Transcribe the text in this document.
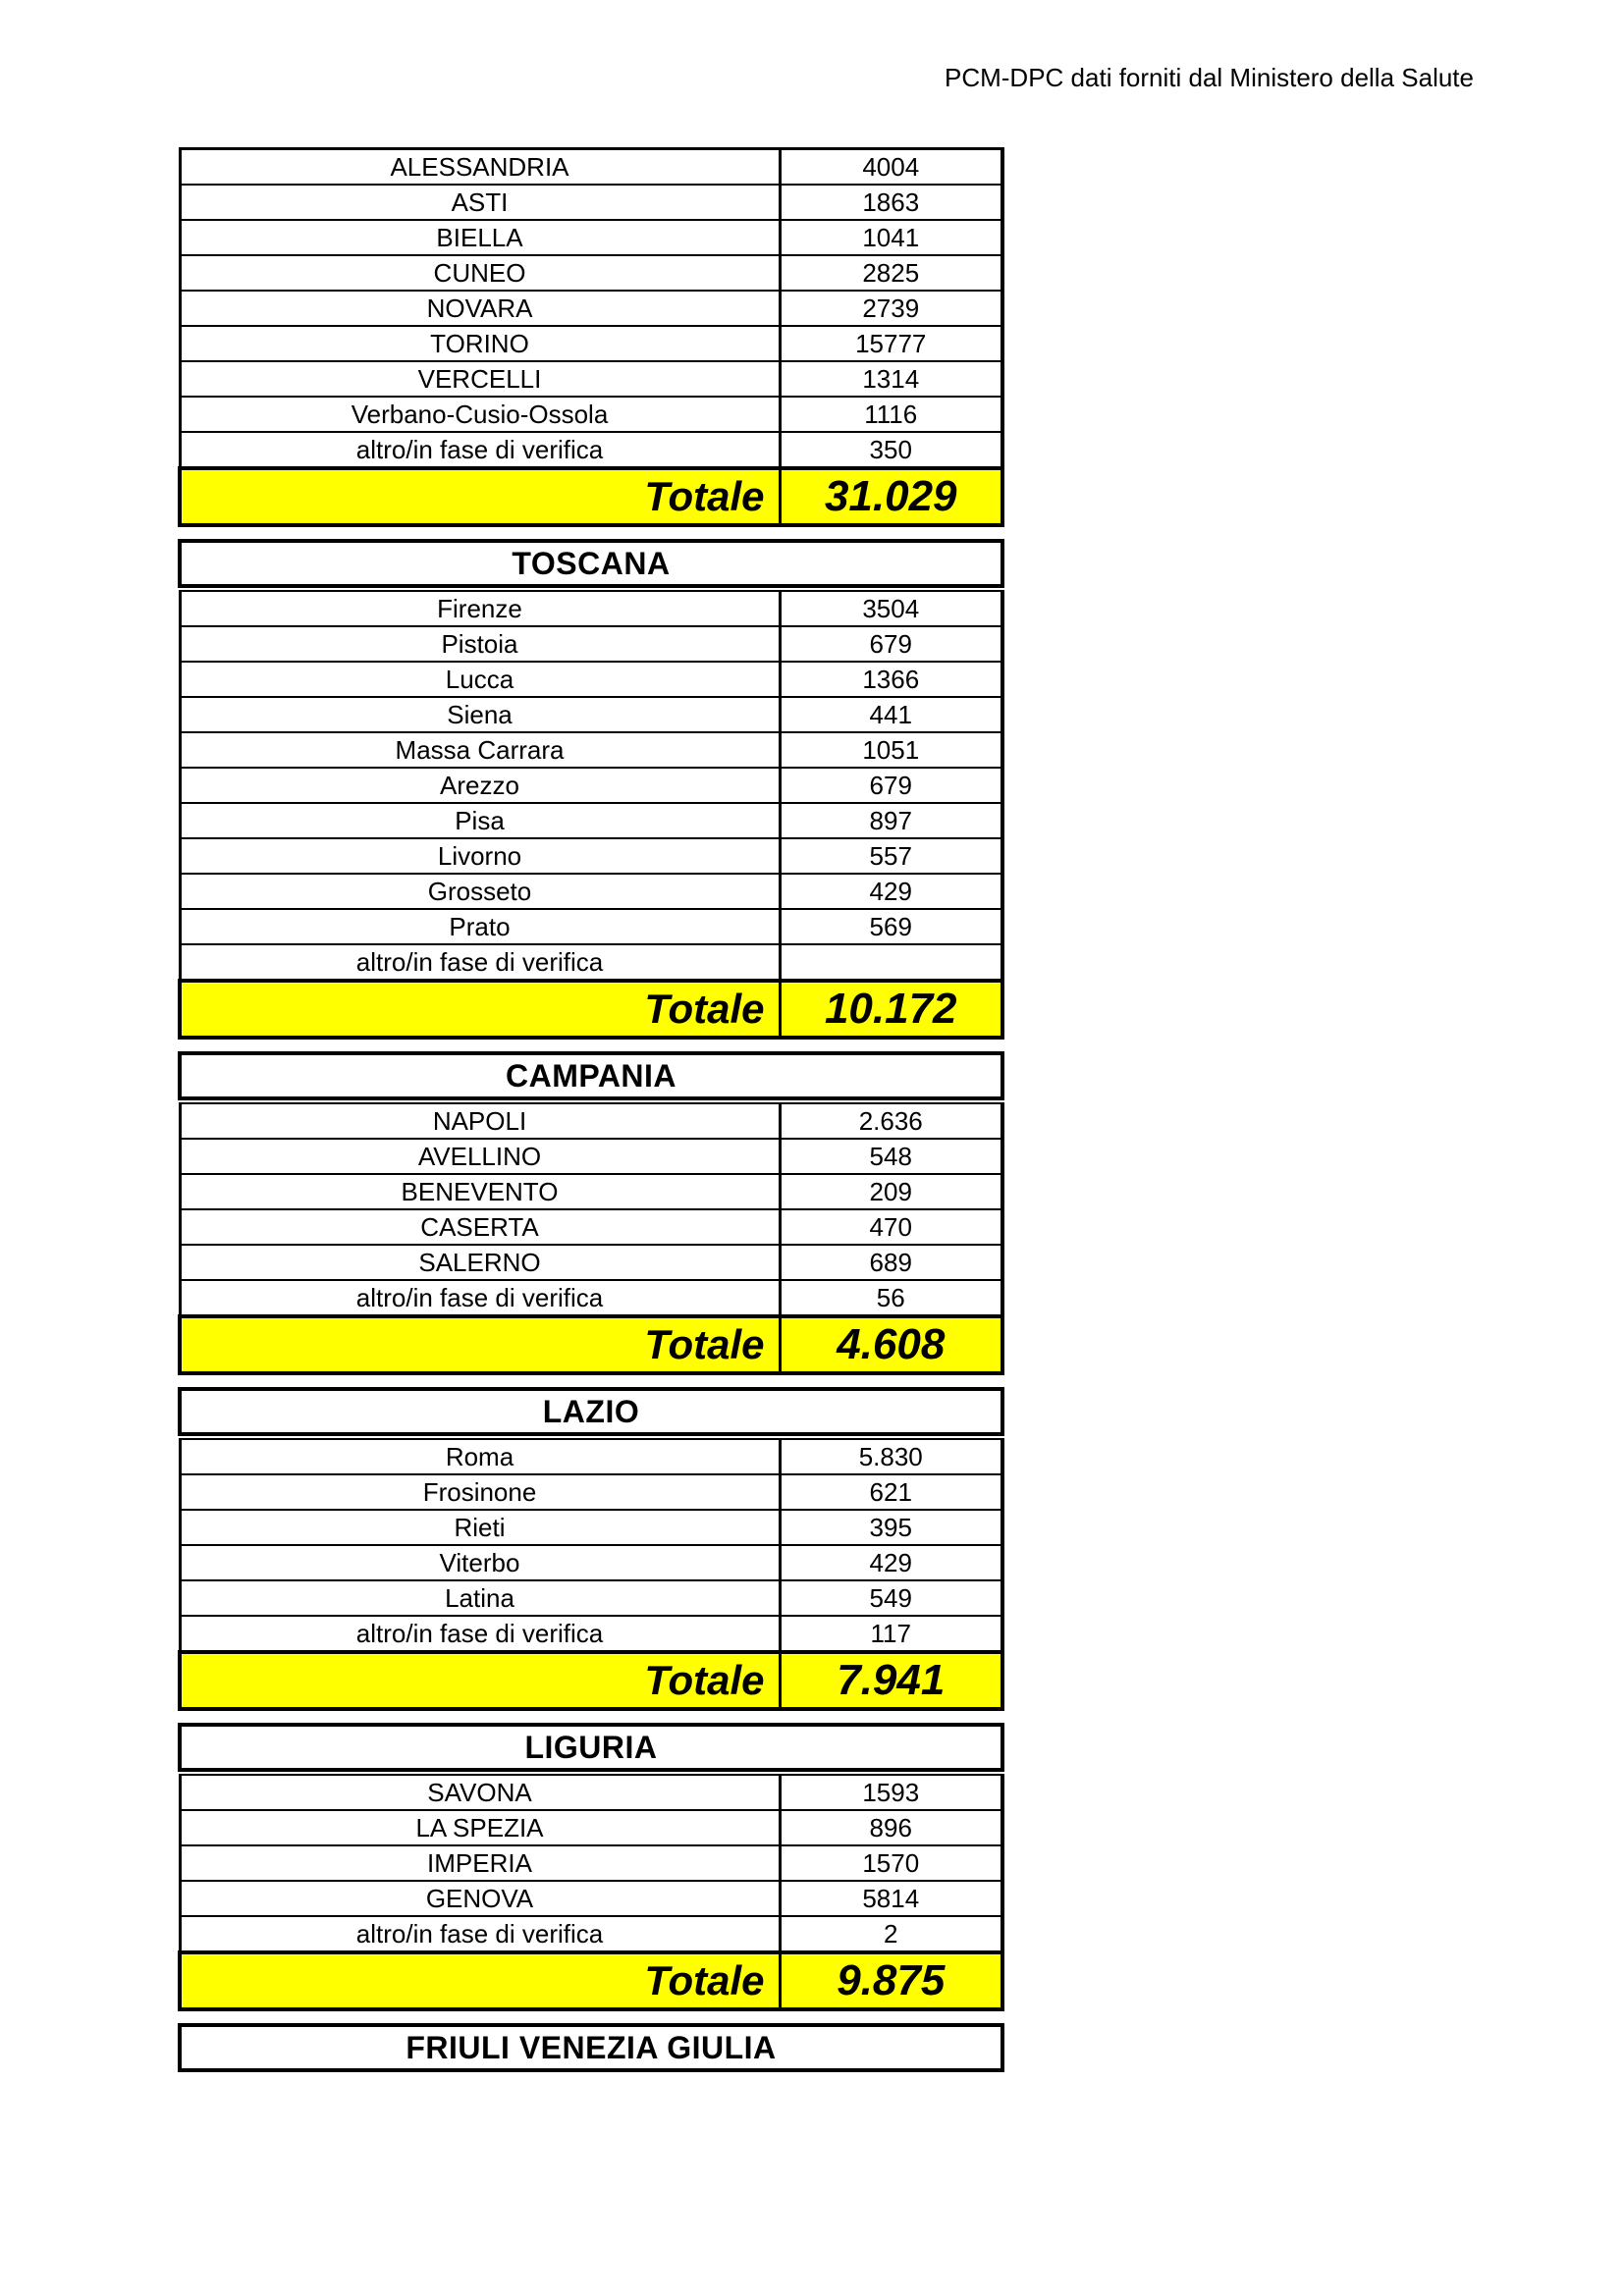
PCM-DPC dati forniti dal Ministero della Salute
ALESSANDRIA	4004
ASTI	1863
BIELLA	1041
CUNEO	2825
NOVARA	2739
TORINO	15777
VERCELLI	1314
Verbano-Cusio-Ossola	1116
altro/in fase di verifica	350
Totale	31.029
TOSCANA
Firenze	3504
Pistoia	679
Lucca	1366
Siena	441
Massa Carrara	1051
Arezzo	679
Pisa	897
Livorno	557
Grosseto	429
Prato	569
altro/in fase di verifica	
Totale	10.172
CAMPANIA
NAPOLI	2.636
AVELLINO	548
BENEVENTO	209
CASERTA	470
SALERNO	689
altro/in fase di verifica	56
Totale	4.608
LAZIO
Roma	5.830
Frosinone	621
Rieti	395
Viterbo	429
Latina	549
altro/in fase di verifica	117
Totale	7.941
LIGURIA
SAVONA	1593
LA SPEZIA	896
IMPERIA	1570
GENOVA	5814
altro/in fase di verifica	2
Totale	9.875
FRIULI VENEZIA GIULIA
